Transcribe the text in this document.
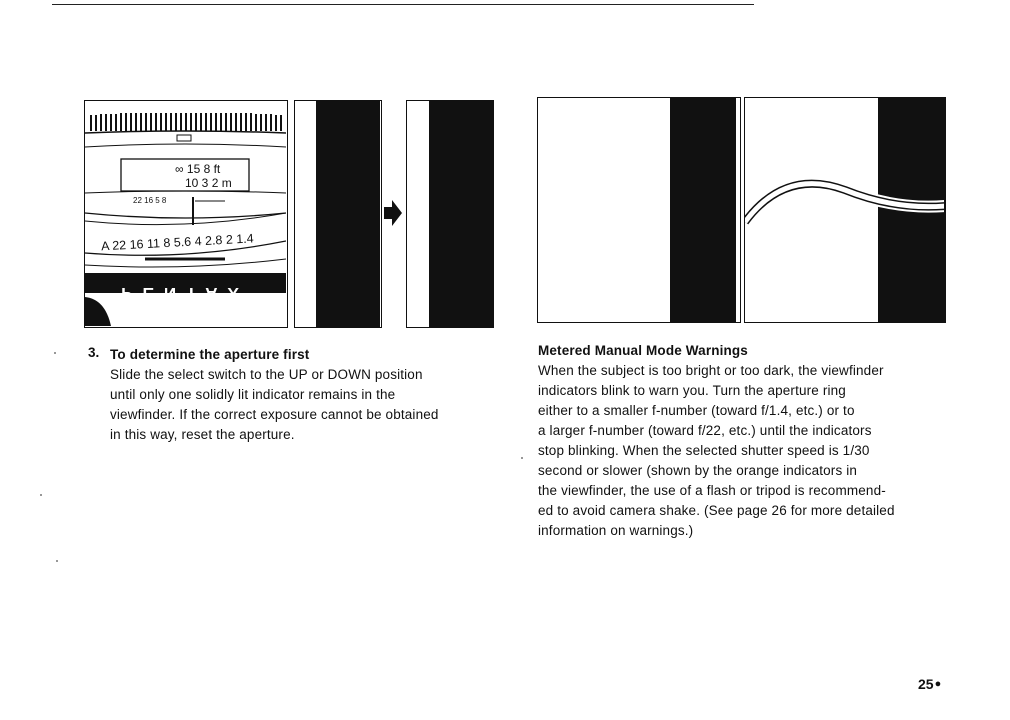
∞ 15 8 ft
10 3 2 m
22 16 5 8
A 22 16 11 8 5.6 4 2.8 2 1.4
PENTAX
3. To determine the aperture first
Slide the select switch to the UP or DOWN position
until only one solidly lit indicator remains in the
viewfinder. If the correct exposure cannot be obtained
in this way, reset the aperture.
Metered Manual Mode Warnings
When the subject is too bright or too dark, the viewfinder
indicators blink to warn you. Turn the aperture ring
either to a smaller f-number (toward f/1.4, etc.) or to
a larger f-number (toward f/22, etc.) until the indicators
stop blinking. When the selected shutter speed is 1/30
second or slower (shown by the orange indicators in
the viewfinder, the use of a flash or tripod is recommend-
ed to avoid camera shake. (See page 26 for more detailed
information on warnings.)
25●
